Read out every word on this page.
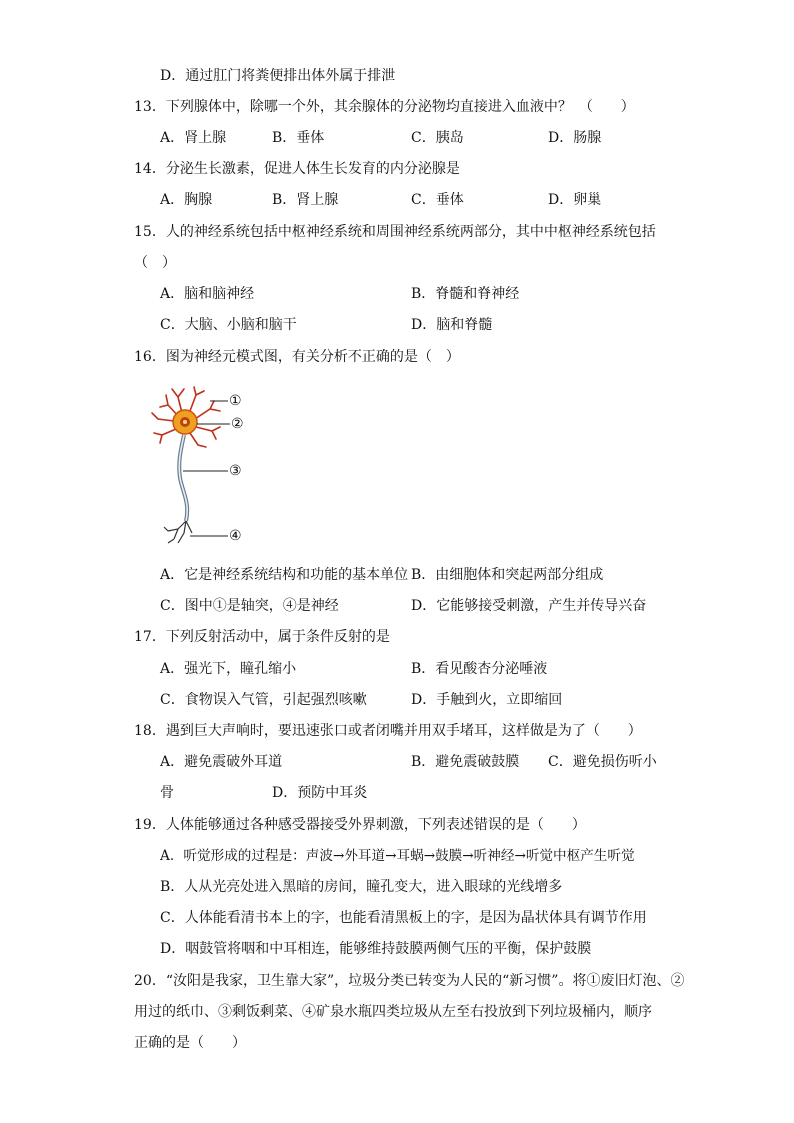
D．通过肛门将粪便排出体外属于排泄
13．下列腺体中，除哪一个外，其余腺体的分泌物均直接进入血液中？　（　　）
A．肾上腺	B．垂体	C．胰岛	D．肠腺
14．分泌生长激素，促进人体生长发育的内分泌腺是
A．胸腺	B．肾上腺	C．垂体	D．卵巢
15．人的神经系统包括中枢神经系统和周围神经系统两部分，其中中枢神经系统包括
（　）
A．脑和脑神经	B．脊髓和脊神经
C．大脑、小脑和脑干	D．脑和脊髓
16．图为神经元模式图，有关分析不正确的是（　）
①
②
③
④
A．它是神经系统结构和功能的基本单位 B．由细胞体和突起两部分组成
C．图中①是轴突，④是神经	D．它能够接受刺激，产生并传导兴奋
17．下列反射活动中，属于条件反射的是
A．强光下，瞳孔缩小	B．看见酸杏分泌唾液
C．食物误入气管，引起强烈咳嗽	D．手触到火，立即缩回
18．遇到巨大声响时，要迅速张口或者闭嘴并用双手堵耳，这样做是为了（　　）
A．避免震破外耳道	B．避免震破鼓膜 C．避免损伤听小
骨	D．预防中耳炎
19．人体能够通过各种感受器接受外界刺激，下列表述错误的是（　　）
A．听觉形成的过程是：声波→外耳道→耳蜗→鼓膜→听神经→听觉中枢产生听觉
B．人从光亮处进入黑暗的房间，瞳孔变大，进入眼球的光线增多
C．人体能看清书本上的字，也能看清黑板上的字，是因为晶状体具有调节作用
D．咽鼓管将咽和中耳相连，能够维持鼓膜两侧气压的平衡，保护鼓膜
20．“汝阳是我家，卫生靠大家”，垃圾分类已转变为人民的“新习惯”。将①废旧灯泡、②
用过的纸巾、③剩饭剩菜、④矿泉水瓶四类垃圾从左至右投放到下列垃圾桶内，顺序
正确的是（　　）
